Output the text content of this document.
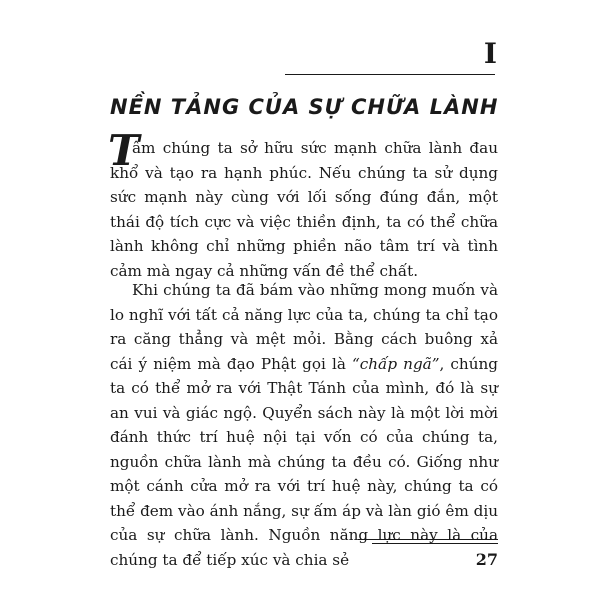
I
NỀN TẢNG CỦA SỰ CHỮA LÀNH
T

âm chúng ta sở hữu sức mạnh chữa lành đau khổ và tạo ra hạnh phúc. Nếu chúng ta sử dụng sức mạnh này cùng với lối sống đúng đắn, một thái độ tích cực và việc thiền định, ta có thể chữa lành không chỉ những phiền não tâm trí và tình cảm mà ngay cả những vấn đề thể chất.

Khi chúng ta đã bám vào những mong muốn và lo nghĩ với tất cả năng lực của ta, chúng ta chỉ tạo ra căng thẳng và mệt mỏi. Bằng cách buông xả cái ý niệm mà đạo Phật gọi là “chấp ngã”, chúng ta có thể mở ra với Thật Tánh của mình, đó là sự an vui và giác ngộ. Quyển sách này là một lời mời đánh thức trí huệ nội tại vốn có của chúng ta, nguồn chữa lành mà chúng ta đều có. Giống như một cánh cửa mở ra với trí huệ này, chúng ta có thể đem vào ánh nắng, sự ấm áp và làn gió êm dịu của sự chữa lành. Nguồn năng lực này là của chúng ta để tiếp xúc và chia sẻ	27
